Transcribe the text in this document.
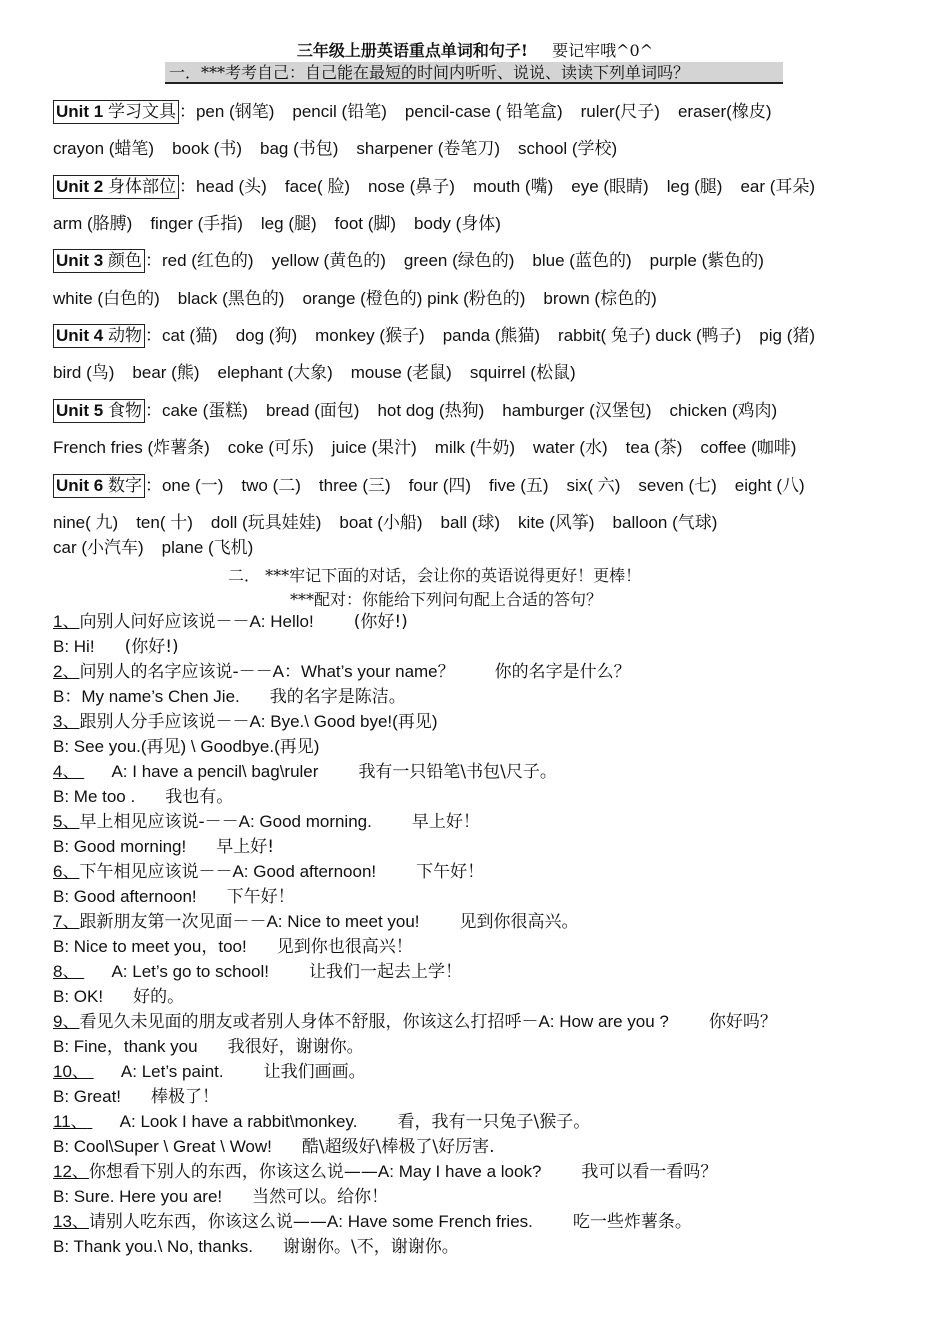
三年级上册英语重点单词和句子! 要记牢哦^0^
一．***考考自己：自己能在最短的时间内听听、说说、读读下列单词吗？
Unit 1 学习文具 ：pen (钢笔) pencil (铅笔) pencil-case ( 铅笔盒) ruler(尺子) eraser(橡皮)
crayon (蜡笔) book (书) bag (书包) sharpener (卷笔刀) school (学校)
Unit 2 身体部位 ：head (头) face( 脸) nose (鼻子) mouth (嘴) eye (眼睛) leg (腿) ear (耳朵)
arm (胳膊) finger (手指) leg (腿) foot (脚) body (身体)
Unit 3 颜色 ：red (红色的) yellow (黄色的) green (绿色的) blue (蓝色的) purple (紫色的)
white (白色的) black (黑色的) orange (橙色的) pink (粉色的) brown (棕色的)
Unit 4 动物 ：cat (猫) dog (狗) monkey (猴子) panda (熊猫) rabbit( 兔子) duck (鸭子) pig (猪)
bird (鸟) bear (熊) elephant (大象) mouse (老鼠) squirrel (松鼠)
Unit 5 食物 ：cake (蛋糕) bread (面包) hot dog (热狗) hamburger (汉堡包) chicken (鸡肉)
French fries (炸薯条) coke (可乐) juice (果汁) milk (牛奶) water (水) tea (茶) coffee (咖啡)
Unit 6 数字 ：one (一) two (二) three (三) four (四) five (五) six( 六) seven (七) eight (八)
nine( 九) ten( 十) doll (玩具娃娃) boat (小船) ball (球) kite (风筝) balloon (气球)
car (小汽车) plane (飞机)
二． ***牢记下面的对话，会让你的英语说得更好！更棒！
***配对：你能给下列问句配上合适的答句？
1、向别人问好应该说－－A: Hello! (你好!)
B: Hi! (你好!)
2、问别人的名字应该说-－－A：What’s your name？ 你的名字是什么？
B：My name’s Chen Jie. 我的名字是陈洁。
3、跟别人分手应该说－－A: Bye.\ Good bye!(再见)
B: See you.(再见) \ Goodbye.(再见)
4、 A: I have a pencil\ bag\ruler 我有一只铅笔\书包\尺子。
B: Me too . 我也有。
5、早上相见应该说-－－A: Good morning. 早上好！
B: Good morning! 早上好!
6、下午相见应该说－－A: Good afternoon! 下午好！
B: Good afternoon! 下午好！
7、跟新朋友第一次见面－－A: Nice to meet you! 见到你很高兴。
B: Nice to meet you，too! 见到你也很高兴！
8、 A: Let’s go to school! 让我们一起去上学！
B: OK! 好的。
9、看见久未见面的朋友或者别人身体不舒服，你该这么打招呼－A: How are you ? 你好吗？
B: Fine，thank you 我很好，谢谢你。
10、 A: Let’s paint. 让我们画画。
B: Great! 棒极了！
11、 A: Look I have a rabbit\monkey. 看，我有一只兔子\猴子。
B: Cool\Super \ Great \ Wow! 酷\超级好\棒极了\好厉害.
12、你想看下别人的东西，你该这么说——A: May I have a look? 我可以看一看吗？
B: Sure. Here you are! 当然可以。给你！
13、请别人吃东西，你该这么说——A: Have some French fries. 吃一些炸薯条。
B: Thank you.\ No, thanks. 谢谢你。\不，谢谢你。
